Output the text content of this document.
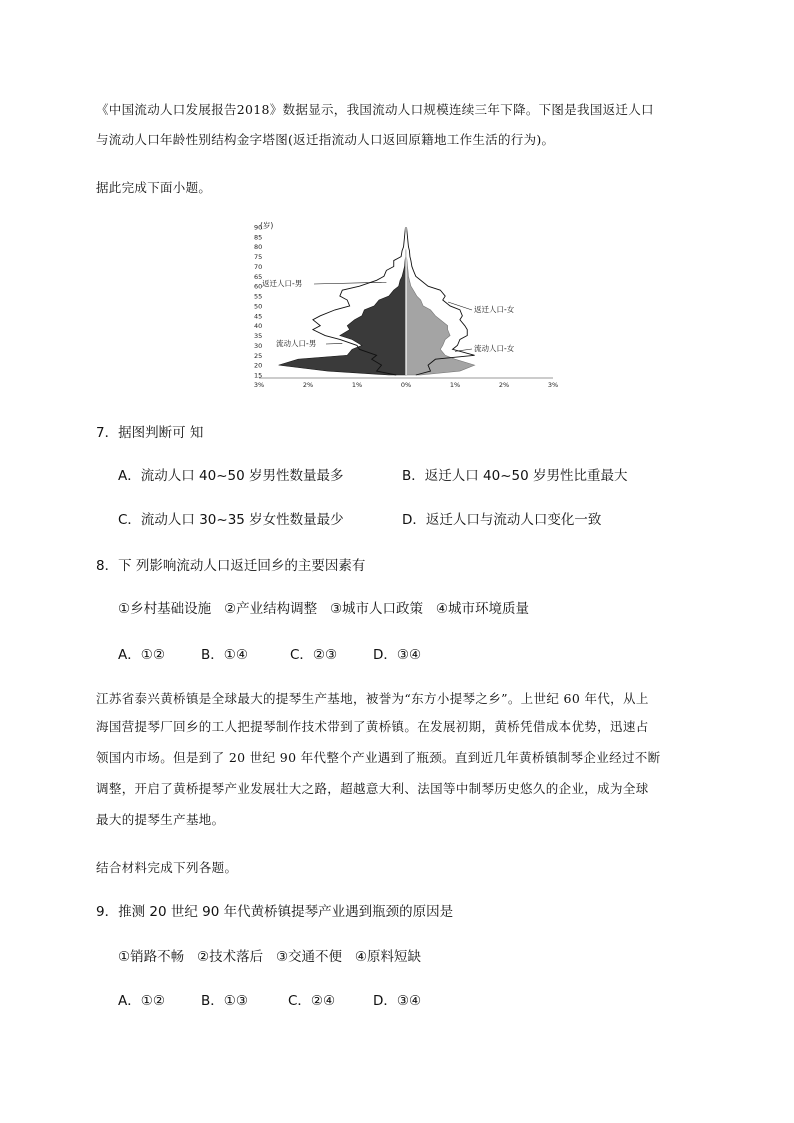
《中国流动人口发展报告2018》数据显示，我国流动人口规模连续三年下降。下图是我国返迁人口
与流动人口年龄性别结构金字塔图(返迁指流动人口返回原籍地工作生活的行为)。
据此完成下面小题。
(岁)
90
85
80
75
70
65
60
55
50
45
40
35
30
25
20
15
3%	2%	1%	0%	1%	2%	3%
返迁人口-男
返迁人口-女
流动人口-男
流动人口-女
7．据图判断可 知
A．流动人口 40~50 岁男性数量最多	B．返迁人口 40~50 岁男性比重最大
C．流动人口 30~35 岁女性数量最少	D．返迁人口与流动人口变化一致
8．下 列影响流动人口返迁回乡的主要因素有
①乡村基础设施   ②产业结构调整   ③城市人口政策   ④城市环境质量
A．①②	B．①④	C．②③	D．③④
江苏省泰兴黄桥镇是全球最大的提琴生产基地，被誉为“东方小提琴之乡”。上世纪 60 年代，从上
海国营提琴厂回乡的工人把提琴制作技术带到了黄桥镇。在发展初期，黄桥凭借成本优势，迅速占
领国内市场。但是到了 20 世纪 90 年代整个产业遇到了瓶颈。直到近几年黄桥镇制琴企业经过不断
调整，开启了黄桥提琴产业发展壮大之路，超越意大利、法国等中制琴历史悠久的企业，成为全球
最大的提琴生产基地。
结合材料完成下列各题。
9．推测 20 世纪 90 年代黄桥镇提琴产业遇到瓶颈的原因是
①销路不畅   ②技术落后   ③交通不便   ④原料短缺
A．①②	B．①③	C．②④	D．③④
